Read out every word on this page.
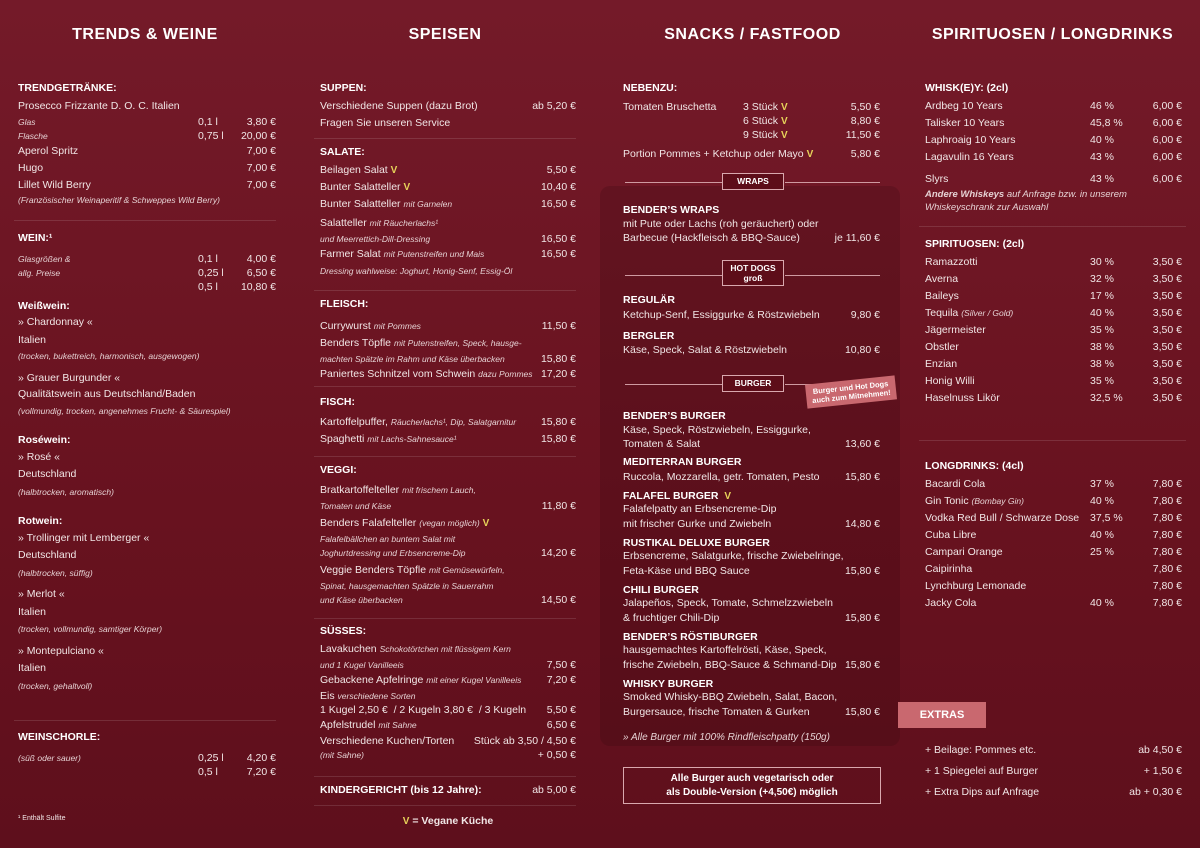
TRENDS & WEINE
TRENDGETRÄNKE:
Prosecco Frizzante D. O. C. Italien
Glas	0,1 l	3,80 €
Flasche	0,75 l 20,00 €
Aperol Spritz	7,00 €
Hugo	7,00 €
Lillet Wild Berry	7,00 €
(Französischer Weinaperitif & Schweppes Wild Berry)
WEIN:¹
Glasgrößen &	0,1 l	4,00 €
allg. Preise	0,25 l 6,50 €
0,5 l 10,80 €
Weißwein:
» Chardonnay «
Italien
(trocken, bukettreich, harmonisch, ausgewogen)
» Grauer Burgunder «
Qualitätswein aus Deutschland/Baden
(vollmundig, trocken, angenehmes Frucht- & Säurespiel)
Roséwein:
» Rosé «
Deutschland
(halbtrocken, aromatisch)
Rotwein:
» Trollinger mit Lemberger «
Deutschland
(halbtrocken, süffig)
» Merlot «
Italien
(trocken, vollmundig, samtiger Körper)
» Montepulciano «
Italien
(trocken, gehaltvoll)
WEINSCHORLE:
(süß oder sauer)	0,25 l 4,20 €
0,5 l	7,20 €
¹ Enthält Sulfite
SPEISEN
SUPPEN:
Verschiedene Suppen (dazu Brot)	ab 5,20 €
Fragen Sie unseren Service
SALATE:
Beilagen Salat V	5,50 €
Bunter Salatteller V	10,40 €
Bunter Salatteller mit Garnelen	16,50 €
Salatteller mit Räucherlachs¹
und Meerrettich-Dill-Dressing	16,50 €
Farmer Salat mit Putenstreifen und Mais	16,50 €
Dressing wahlweise: Joghurt, Honig-Senf, Essig-Öl
FLEISCH:
Currywurst mit Pommes	11,50 €
Benders Töpfle mit Putenstreifen, Speck, hausge-
machten Spätzle im Rahm und Käse überbacken	15,80 €
Paniertes Schnitzel vom Schwein dazu Pommes 17,20 €
FISCH:
Kartoffelpuffer, Räucherlachs¹, Dip, Salatgarnitur 15,80 €
Spaghetti mit Lachs-Sahnesauce¹	15,80 €
VEGGI:
Bratkartoffelteller mit frischem Lauch,
Tomaten und Käse	11,80 €
Benders Falafelteller (vegan möglich) V
Falafelbällchen an buntem Salat mit
Joghurtdressing und Erbsencreme-Dip	14,20 €
Veggie Benders Töpfle mit Gemüsewürfeln,
Spinat, hausgemachten Spätzle in Sauerrahm
und Käse überbacken	14,50 €
SÜSSES:
Lavakuchen Schokotörtchen mit flüssigem Kern
und 1 Kugel Vanilleeis	7,50 €
Gebackene Apfelringe mit einer Kugel Vanilleeis 7,20 €
Eis verschiedene Sorten
1 Kugel 2,50 € / 2 Kugeln 3,80 € / 3 Kugeln 5,50 €
Apfelstrudel mit Sahne	6,50 €
Verschiedene Kuchen/Torten Stück ab 3,50 / 4,50 €
(mit Sahne)	+ 0,50 €
KINDERGERICHT (bis 12 Jahre):	ab 5,00 €
V = Vegane Küche
SNACKS / FASTFOOD
NEBENZU:
Tomaten Bruschetta	3 Stück V	5,50 €
6 Stück V	8,80 €
9 Stück V	11,50 €
Portion Pommes + Ketchup oder Mayo V	5,80 €
WRAPS
BENDER’S WRAPS
mit Pute oder Lachs (roh geräuchert) oder
Barbecue (Hackfleisch & BBQ-Sauce)	je 11,60 €
REGULÄR
Ketchup-Senf, Essiggurke & Röstzwiebeln	9,80 €
BERGLER
Käse, Speck, Salat & Röstzwiebeln	10,80 €
BENDER’S BURGER
Käse, Speck, Röstzwiebeln, Essiggurke,
Tomaten & Salat	13,60 €
MEDITERRAN BURGER
Ruccola, Mozzarella, getr. Tomaten, Pesto 15,80 €
FALAFEL BURGER V
Falafelpatty an Erbsencreme-Dip
mit frischer Gurke und Zwiebeln	14,80 €
RUSTIKAL DELUXE BURGER
Erbsencreme, Salatgurke, frische Zwiebelringe,
Feta-Käse und BBQ Sauce	15,80 €
CHILI BURGER
Jalapeños, Speck, Tomate, Schmelzzwiebeln
& fruchtiger Chili-Dip	15,80 €
BENDER’S RÖSTIBURGER
hausgemachtes Kartoffelrösti, Käse, Speck,
frische Zwiebeln, BBQ-Sauce & Schmand-Dip 15,80 €
WHISKY BURGER
Smoked Whisky-BBQ Zwiebeln, Salat, Bacon,
Burgersauce, frische Tomaten & Gurken	15,80 €
» Alle Burger mit 100% Rindfleischpatty (150g)
HOT DOGS
groß
BURGER	Burger und Hot Dogs auch zum Mitnehmen!
Alle Burger auch vegetarisch oder
als Double-Version (+4,50€) möglich
SPIRITUOSEN / LONGDRINKS
WHISK(E)Y: (2cl)
Ardbeg 10 Years	46 %	6,00 €
Talisker 10 Years	45,8 %	6,00 €
Laphroaig 10 Years	40 %	6,00 €
Lagavulin 16 Years	43 %	6,00 €
Slyrs	43 %	6,00 €
Andere Whiskeys auf Anfrage bzw. in unserem
Whiskeyschrank zur Auswahl
SPIRITUOSEN: (2cl)
Ramazzotti	30 %	3,50 €
Averna	32 %	3,50 €
Baileys	17 %	3,50 €
Tequila (Silver / Gold)	40 %	3,50 €
Jägermeister	35 %	3,50 €
Obstler	38 %	3,50 €
Enzian	38 %	3,50 €
Honig Willi	35 %	3,50 €
Haselnuss Likör	32,5 %	3,50 €
LONGDRINKS: (4cl)
Bacardi Cola	37 %	7,80 €
Gin Tonic (Bombay Gin)	40 %	7,80 €
Vodka Red Bull / Schwarze Dose 37,5 %	7,80 €
Cuba Libre	40 %	7,80 €
Campari Orange	25 %	7,80 €
Caipirinha	7,80 €
Lynchburg Lemonade	7,80 €
Jacky Cola	40 %	7,80 €
+ Beilage: Pommes etc.	ab 4,50 €
+ 1 Spiegelei auf Burger	+ 1,50 €
+ Extra Dips auf Anfrage	ab + 0,30 €
EXTRAS
